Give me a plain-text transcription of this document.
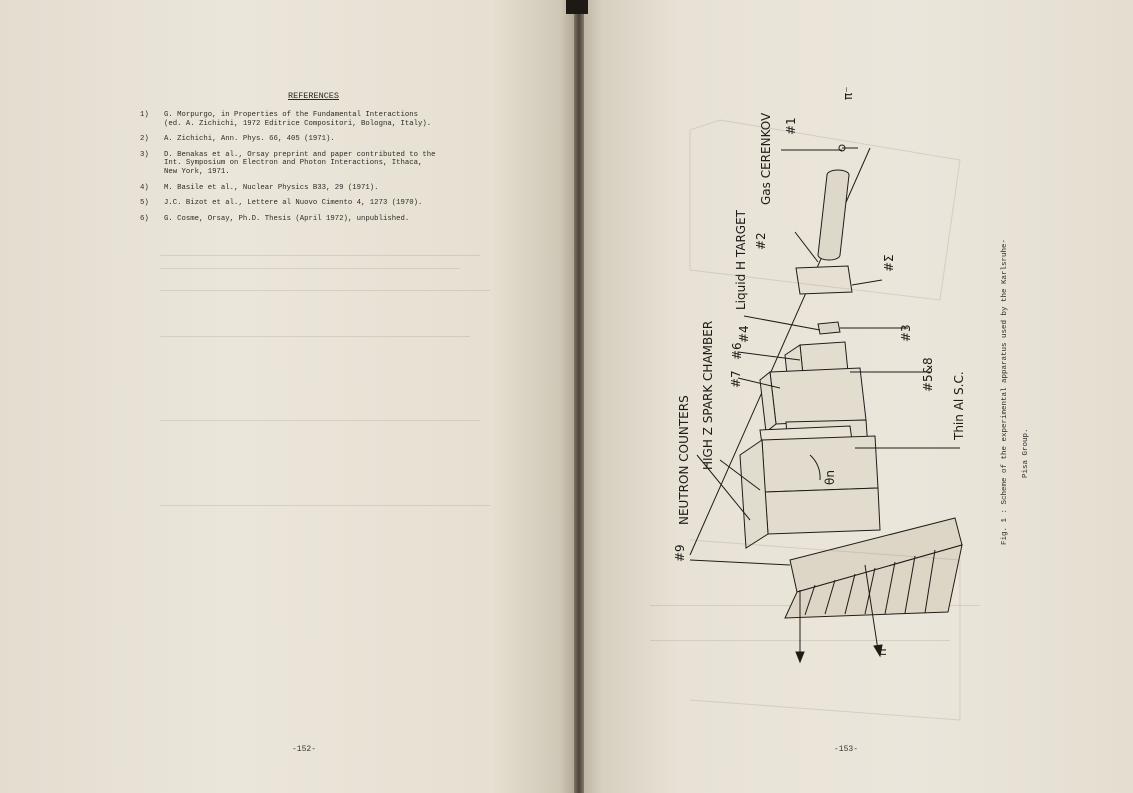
REFERENCES
1)	G. Morpurgo, in Properties of the Fundamental Interactions
(ed. A. Zichichi, 1972 Editrice Compositori, Bologna, Italy).
2)	A. Zichichi, Ann. Phys. 66, 405 (1971).
3)	D. Benakas et al., Orsay preprint and paper contributed to the
Int. Symposium on Electron and Photon Interactions, Ithaca,
New York, 1971.
4)	M. Basile et al., Nuclear Physics B33, 29 (1971).
5)	J.C. Bizot et al., Lettere al Nuovo Cimento 4, 1273 (1970).
6)	G. Cosme, Orsay, Ph.D. Thesis (April 1972), unpublished.
-152-
#1
π⁻
Gas CERENKOV
#2
#Σ
Liquid H TARGET
#3
#4
#6
#5&8
HIGH Z SPARK CHAMBER #7	Thin Al S.C.
θn
NEUTRON COUNTERS
#9
n
Fig. 1 : Scheme of the experimental apparatus used by the Karlsruhe- Pisa Group.
-153-
